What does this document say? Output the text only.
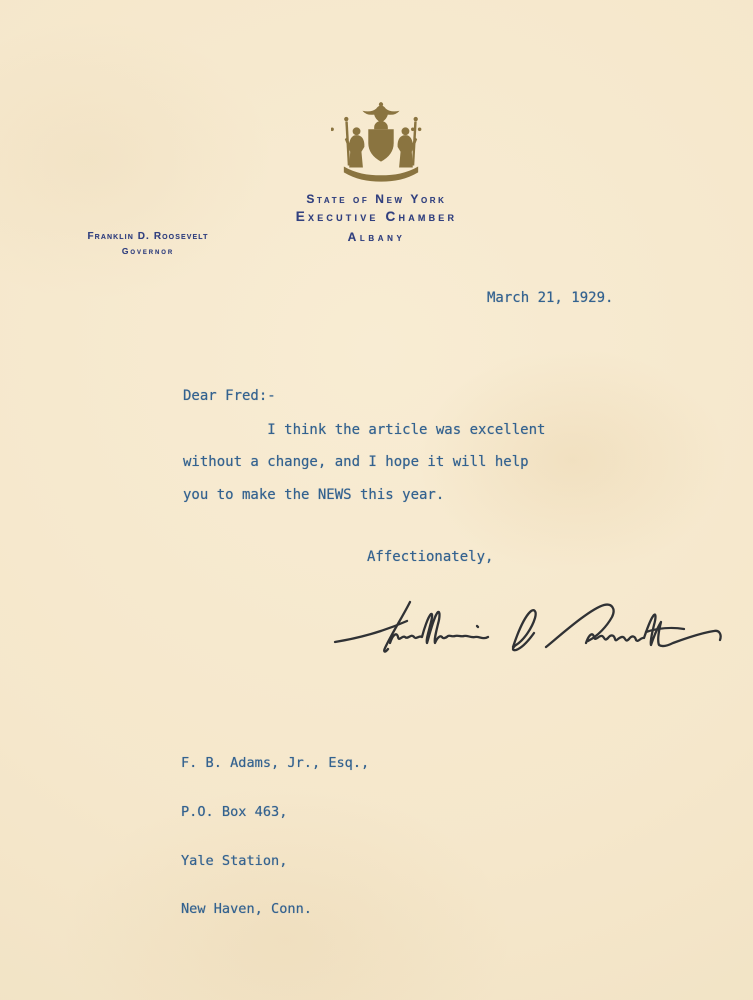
State of New York
Executive Chamber
Albany
Franklin D. Roosevelt
Governor
March 21, 1929.
Dear Fred:-
I think the article was excellent
without a change, and I hope it will help
you to make the NEWS this year.
Affectionately,

F. B. Adams, Jr., Esq.,

P.O. Box 463,

Yale Station,

New Haven, Conn.
